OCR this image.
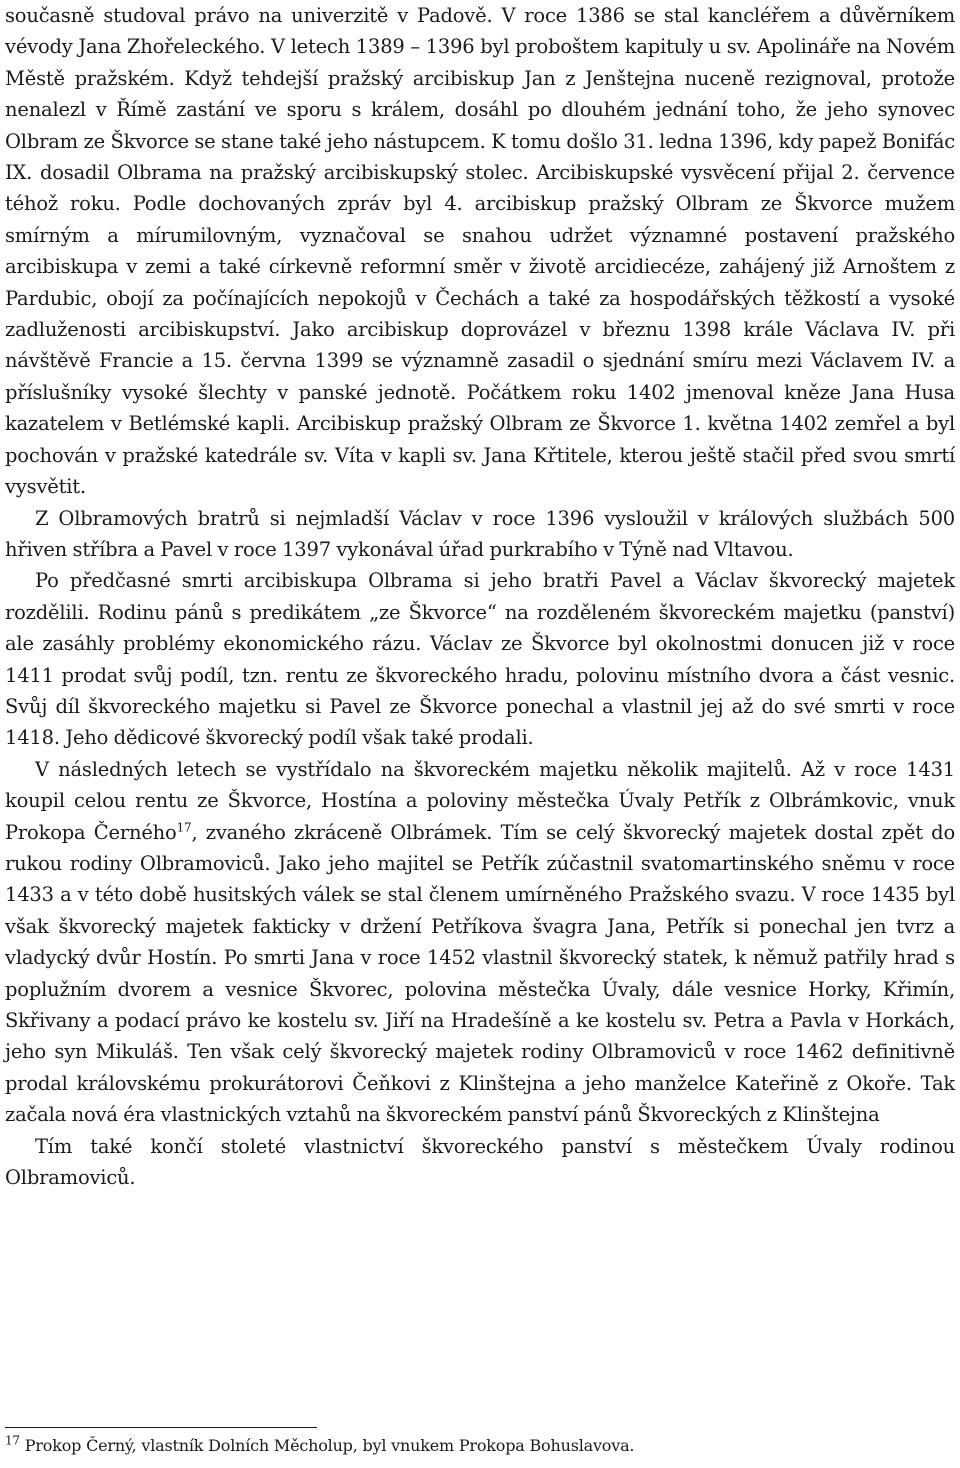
současně studoval právo na univerzitě v Padově. V roce 1386 se stal kancléřem a důvěrníkem vévody Jana Zhořeleckého. V letech 1389 – 1396 byl proboštem kapituly u sv. Apolináře na Novém Městě pražském. Když tehdejší pražský arcibiskup Jan z Jenštejna nuceně rezignoval, protože nenalezl v Římě zastání ve sporu s králem, dosáhl po dlouhém jednání toho, že jeho synovec Olbram ze Škvorce se stane také jeho nástupcem. K tomu došlo 31. ledna 1396, kdy papež Bonifác IX. dosadil Olbrama na pražský arcibiskupský stolec. Arcibiskupské vysvěcení přijal 2. července téhož roku. Podle dochovaných zpráv byl 4. arcibiskup pražský Olbram ze Škvorce mužem smírným a mírumilovným, vyznačoval se snahou udržet významné postavení pražského arcibiskupa v zemi a také církevně reformní směr v životě arcidiecéze, zahájený již Arnoštem z Pardubic, obojí za počínajících nepokojů v Čechách a také za hospodářských těžkostí a vysoké zadluženosti arcibiskupství. Jako arcibiskup doprovázel v březnu 1398 krále Václava IV. při návštěvě Francie a 15. června 1399 se významně zasadil o sjednání smíru mezi Václavem IV. a příslušníky vysoké šlechty v panské jednotě. Počátkem roku 1402 jmenoval kněze Jana Husa kazatelem v Betlémské kapli. Arcibiskup pražský Olbram ze Škvorce 1. května 1402 zemřel a byl pochován v pražské katedrále sv. Víta v kapli sv. Jana Křtitele, kterou ještě stačil před svou smrtí vysvětit.

Z Olbramových bratrů si nejmladší Václav v roce 1396 vysloužil v králových službách 500 hřiven stříbra a Pavel v roce 1397 vykonával úřad purkrabího v Týně nad Vltavou.

Po předčasné smrti arcibiskupa Olbrama si jeho bratři Pavel a Václav škvorecký majetek rozdělili. Rodinu pánů s predikátem „ze Škvorce“ na rozděleném škvoreckém majetku (panství) ale zasáhly problémy ekonomického rázu. Václav ze Škvorce byl okolnostmi donucen již v roce 1411 prodat svůj podíl, tzn. rentu ze škvoreckého hradu, polovinu místního dvora a část vesnic. Svůj díl škvoreckého majetku si Pavel ze Škvorce ponechal a vlastnil jej až do své smrti v roce 1418. Jeho dědicové škvorecký podíl však také prodali.

V následných letech se vystřídalo na škvoreckém majetku několik majitelů. Až v roce 1431 koupil celou rentu ze Škvorce, Hostína a poloviny městečka Úvaly Petřík z Olbrámkovic, vnuk Prokopa Černého$^{17}$, zvaného zkráceně Olbrámek. Tím se celý škvorecký majetek dostal zpět do rukou rodiny Olbramoviců. Jako jeho majitel se Petřík zúčastnil svatomartinského sněmu v roce 1433 a v této době husitských válek se stal členem umírněného Pražského svazu. V roce 1435 byl však škvorecký majetek fakticky v držení Petříkova švagra Jana, Petřík si ponechal jen tvrz a vladycký dvůr Hostín. Po smrti Jana v roce 1452 vlastnil škvorecký statek, k němuž patřily hrad s poplužním dvorem a vesnice Škvorec, polovina městečka Úvaly, dále vesnice Horky, Křimín, Skřivany a podací právo ke kostelu sv. Jiří na Hradešíně a ke kostelu sv. Petra a Pavla v Horkách, jeho syn Mikuláš. Ten však celý škvorecký majetek rodiny Olbramoviců v roce 1462 definitivně prodal královskému prokurátorovi Čeňkovi z Klinštejna a jeho manželce Kateřině z Okoře. Tak začala nová éra vlastnických vztahů na škvoreckém panství pánů Škvoreckých z Klinštejna

Tím také končí stoleté vlastnictví škvoreckého panství s městečkem Úvaly rodinou Olbramoviců.

$^{17}$ Prokop Černý, vlastník Dolních Měcholup, byl vnukem Prokopa Bohuslavova.
